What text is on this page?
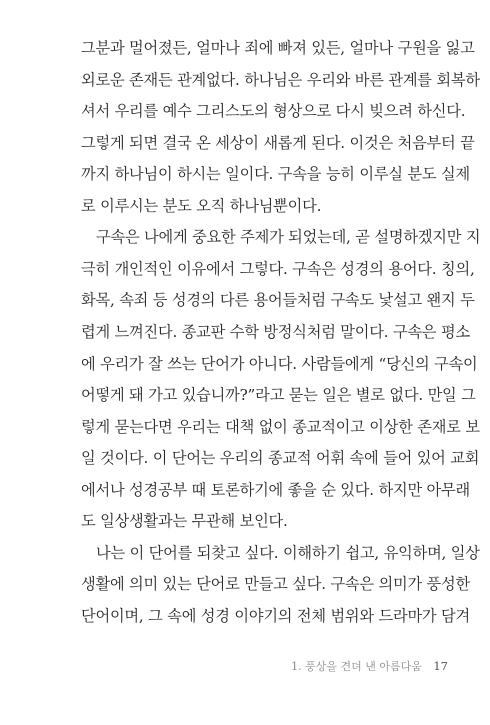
그분과 멀어졌든, 얼마나 죄에 빠져 있든, 얼마나 구원을 잃고
외로운 존재든 관계없다. 하나님은 우리와 바른 관계를 회복하
셔서 우리를 예수 그리스도의 형상으로 다시 빚으려 하신다.
그렇게 되면 결국 온 세상이 새롭게 된다. 이것은 처음부터 끝
까지 하나님이 하시는 일이다. 구속을 능히 이루실 분도 실제
로 이루시는 분도 오직 하나님뿐이다.
구속은 나에게 중요한 주제가 되었는데, 곧 설명하겠지만 지
극히 개인적인 이유에서 그렇다. 구속은 성경의 용어다. 칭의,
화목, 속죄 등 성경의 다른 용어들처럼 구속도 낯설고 왠지 두
렵게 느껴진다. 종교판 수학 방정식처럼 말이다. 구속은 평소
에 우리가 잘 쓰는 단어가 아니다. 사람들에게 “당신의 구속이
어떻게 돼 가고 있습니까?”라고 묻는 일은 별로 없다. 만일 그
렇게 묻는다면 우리는 대책 없이 종교적이고 이상한 존재로 보
일 것이다. 이 단어는 우리의 종교적 어휘 속에 들어 있어 교회
에서나 성경공부 때 토론하기에 좋을 순 있다. 하지만 아무래
도 일상생활과는 무관해 보인다.
나는 이 단어를 되찾고 싶다. 이해하기 쉽고, 유익하며, 일상
생활에 의미 있는 단어로 만들고 싶다. 구속은 의미가 풍성한
단어이며, 그 속에 성경 이야기의 전체 범위와 드라마가 담겨
1. 풍상을 견뎌 낸 아름다움 17
